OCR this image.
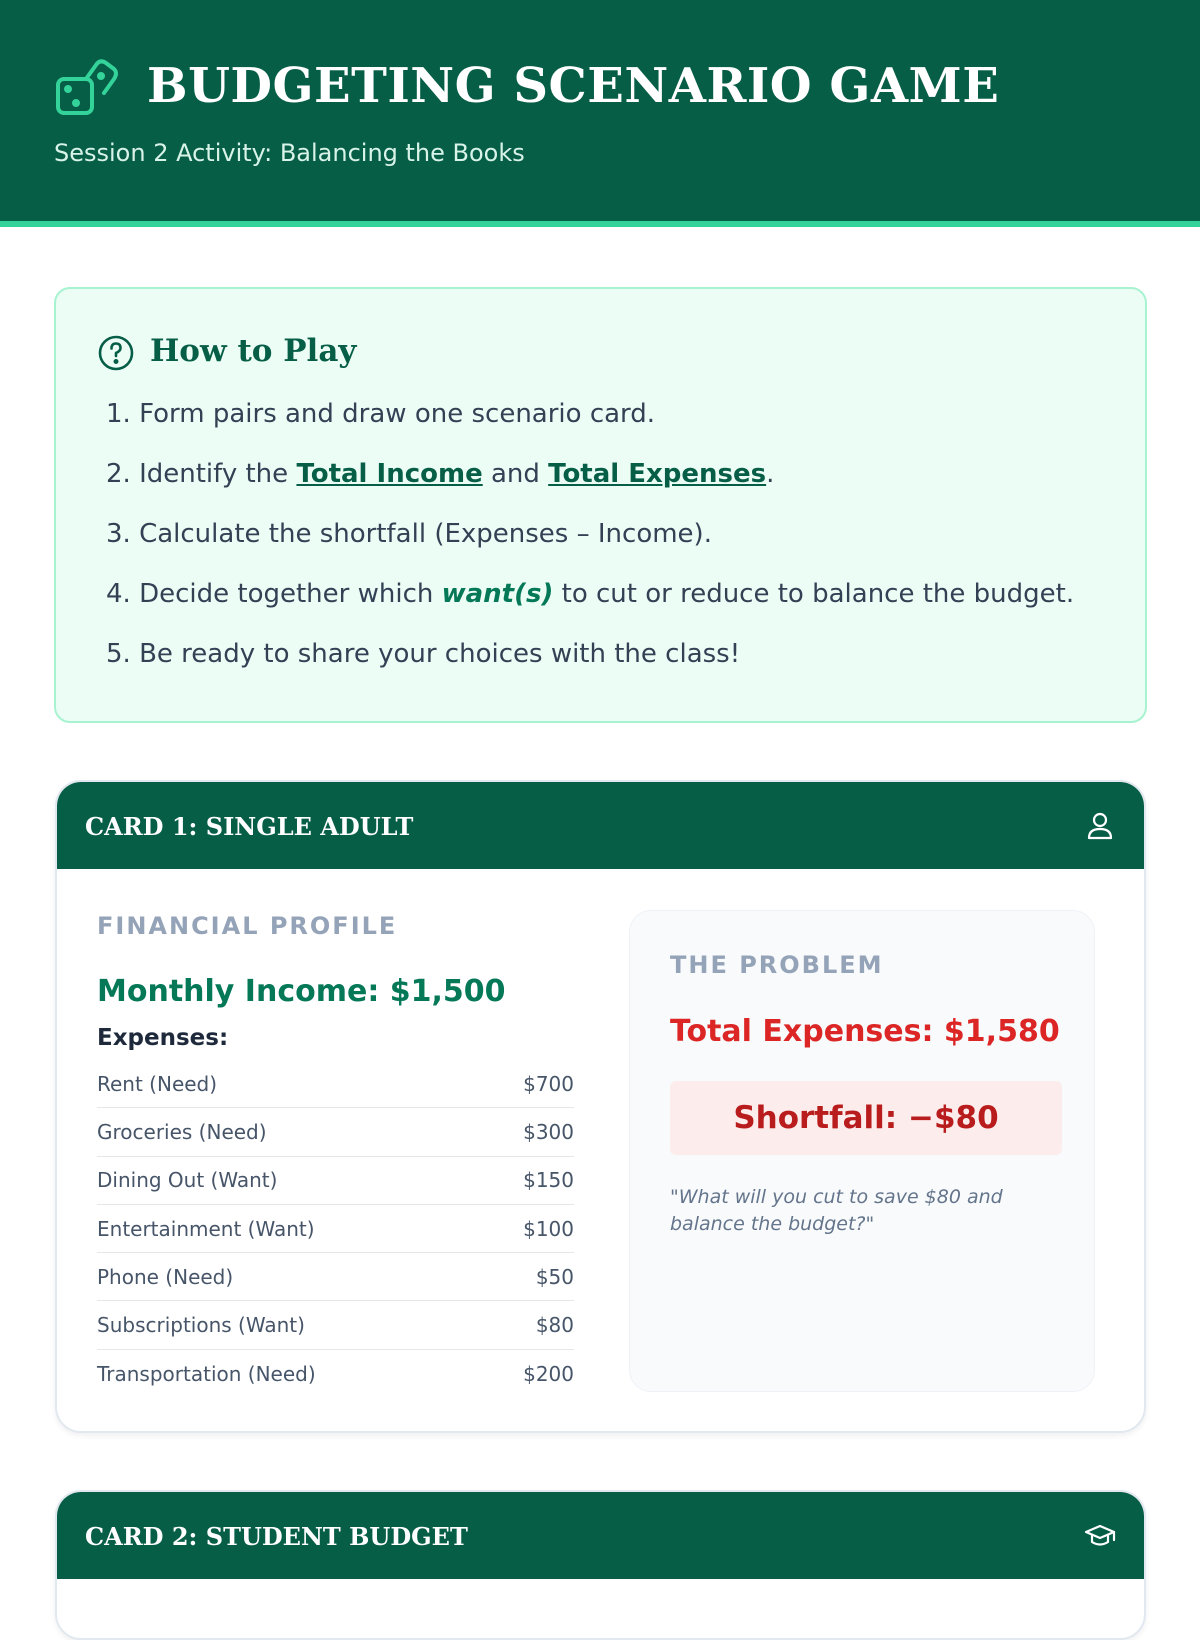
BUDGETING SCENARIO GAME
Session 2 Activity: Balancing the Books
How to Play
1. Form pairs and draw one scenario card.
2. Identify the Total Income and Total Expenses.
3. Calculate the shortfall (Expenses – Income).
4. Decide together which want(s) to cut or reduce to balance the budget.
5. Be ready to share your choices with the class!
CARD 1: SINGLE ADULT
FINANCIAL PROFILE
Monthly Income: $1,500
Expenses:
Rent (Need)	$700
Groceries (Need)	$300
Dining Out (Want)	$150
Entertainment (Want)	$100
Phone (Need)	$50
Subscriptions (Want)	$80
Transportation (Need)	$200
THE PROBLEM
Total Expenses: $1,580
Shortfall: −$80
"What will you cut to save $80 and balance the budget?"
CARD 2: STUDENT BUDGET
